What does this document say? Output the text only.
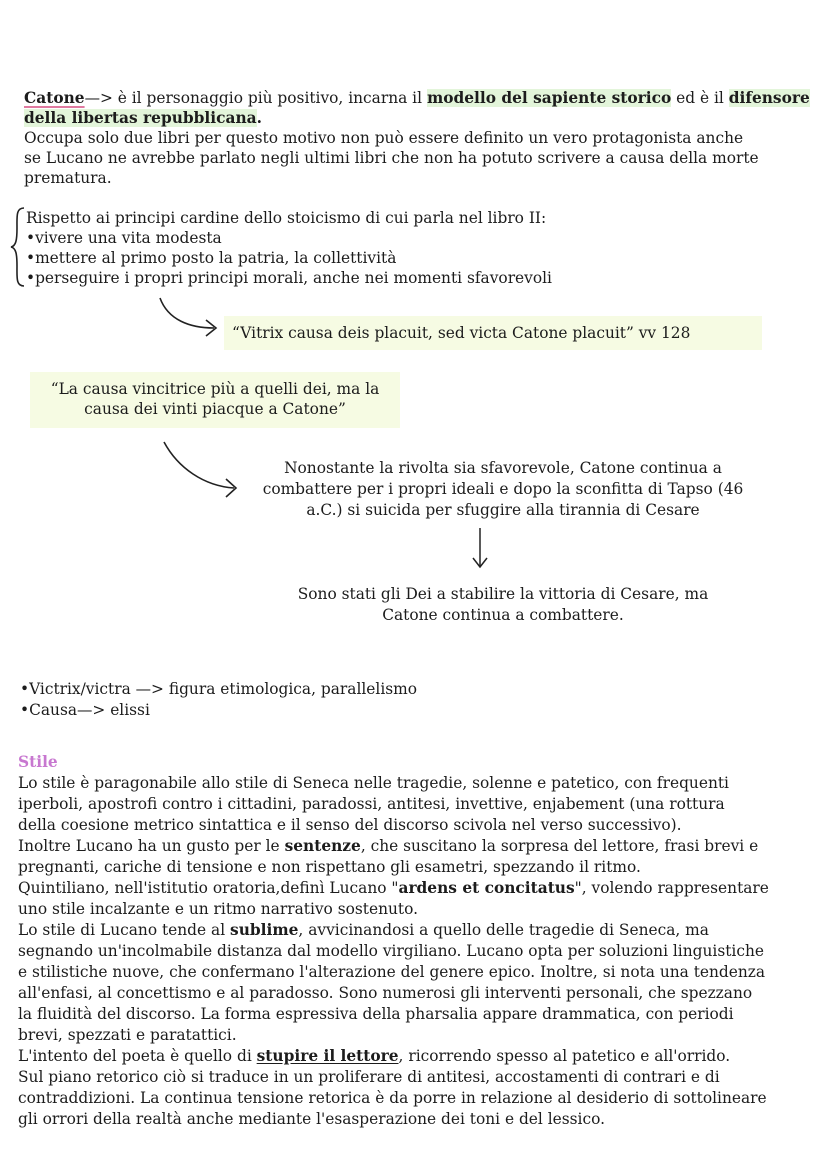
Catone—> è il personaggio più positivo, incarna il modello del sapiente storico ed è il difensore
della libertas repubblicana.
Occupa solo due libri per questo motivo non può essere definito un vero protagonista anche
se Lucano ne avrebbe parlato negli ultimi libri che non ha potuto scrivere a causa della morte
prematura.
Rispetto ai principi cardine dello stoicismo di cui parla nel libro II:
•vivere una vita modesta
•mettere al primo posto la patria, la collettività
•perseguire i propri principi morali, anche nei momenti sfavorevoli
“Vitrix causa deis placuit, sed victa Catone placuit” vv 128
“La causa vincitrice più a quelli dei, ma la
causa dei vinti piacque a Catone”
Nonostante la rivolta sia sfavorevole, Catone continua a
combattere per i propri ideali e dopo la sconfitta di Tapso (46
a.C.) si suicida per sfuggire alla tirannia di Cesare
Sono stati gli Dei a stabilire la vittoria di Cesare, ma
Catone continua a combattere.
•Victrix/victra —> figura etimologica, parallelismo
•Causa—> elissi
Stile
Lo stile è paragonabile allo stile di Seneca nelle tragedie, solenne e patetico, con frequenti
iperboli, apostrofi contro i cittadini, paradossi, antitesi, invettive, enjabement (una rottura
della coesione metrico sintattica e il senso del discorso scivola nel verso successivo).
Inoltre Lucano ha un gusto per le sentenze, che suscitano la sorpresa del lettore, frasi brevi e
pregnanti, cariche di tensione e non rispettano gli esametri, spezzando il ritmo.
Quintiliano, nell'istitutio oratoria,definì Lucano "ardens et concitatus", volendo rappresentare
uno stile incalzante e un ritmo narrativo sostenuto.
Lo stile di Lucano tende al sublime, avvicinandosi a quello delle tragedie di Seneca, ma
segnando un'incolmabile distanza dal modello virgiliano. Lucano opta per soluzioni linguistiche
e stilistiche nuove, che confermano l'alterazione del genere epico. Inoltre, si nota una tendenza
all'enfasi, al concettismo e al paradosso. Sono numerosi gli interventi personali, che spezzano
la fluidità del discorso. La forma espressiva della pharsalia appare drammatica, con periodi
brevi, spezzati e paratattici.
L'intento del poeta è quello di stupire il lettore, ricorrendo spesso al patetico e all'orrido.
Sul piano retorico ciò si traduce in un proliferare di antitesi, accostamenti di contrari e di
contraddizioni. La continua tensione retorica è da porre in relazione al desiderio di sottolineare
gli orrori della realtà anche mediante l'esasperazione dei toni e del lessico.
